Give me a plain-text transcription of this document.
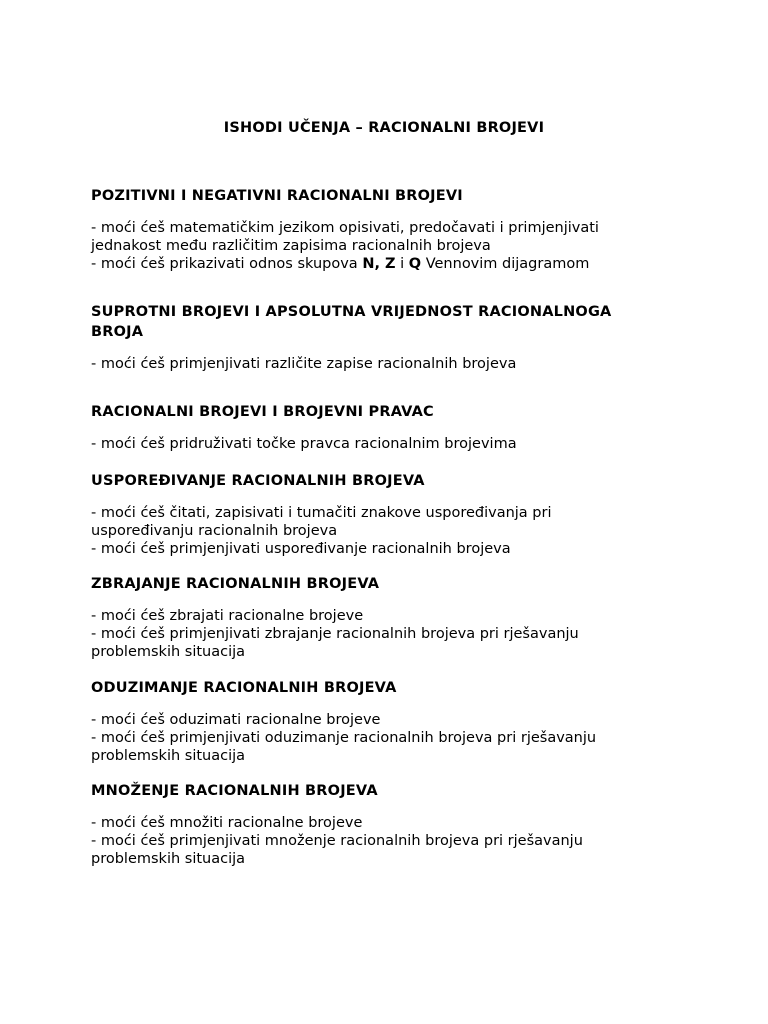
ISHODI UČENJA – RACIONALNI BROJEVI
POZITIVNI I NEGATIVNI RACIONALNI BROJEVI
- moći ćeš matematičkim jezikom opisivati, predočavati i primjenjivati
jednakost među različitim zapisima racionalnih brojeva
- moći ćeš prikazivati odnos skupova N, Z i Q Vennovim dijagramom
SUPROTNI BROJEVI I APSOLUTNA VRIJEDNOST RACIONALNOGA
BROJA
- moći ćeš primjenjivati različite zapise racionalnih brojeva
RACIONALNI BROJEVI I BROJEVNI PRAVAC
- moći ćeš pridruživati točke pravca racionalnim brojevima
USPOREĐIVANJE RACIONALNIH BROJEVA
- moći ćeš čitati, zapisivati i tumačiti znakove uspoređivanja pri
uspoređivanju racionalnih brojeva
- moći ćeš primjenjivati uspoređivanje racionalnih brojeva
ZBRAJANJE RACIONALNIH BROJEVA
- moći ćeš zbrajati racionalne brojeve
- moći ćeš primjenjivati zbrajanje racionalnih brojeva pri rješavanju
problemskih situacija
ODUZIMANJE RACIONALNIH BROJEVA
- moći ćeš oduzimati racionalne brojeve
- moći ćeš primjenjivati oduzimanje racionalnih brojeva pri rješavanju
problemskih situacija
MNOŽENJE RACIONALNIH BROJEVA
- moći ćeš množiti racionalne brojeve
- moći ćeš primjenjivati množenje racionalnih brojeva pri rješavanju
problemskih situacija
